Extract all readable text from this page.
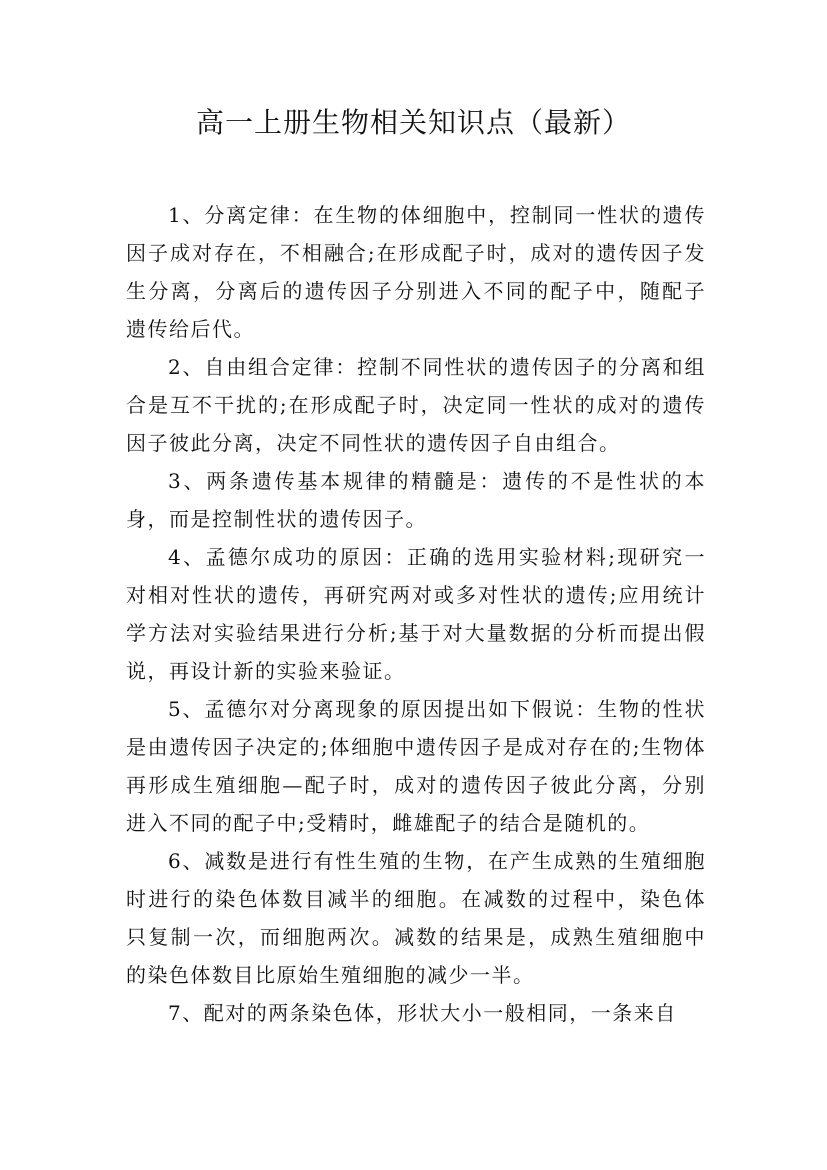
高一上册生物相关知识点（最新）

1、分离定律：在生物的体细胞中，控制同一性状的遗传因子成对存在，不相融合;在形成配子时，成对的遗传因子发生分离，分离后的遗传因子分别进入不同的配子中，随配子遗传给后代。

2、自由组合定律：控制不同性状的遗传因子的分离和组合是互不干扰的;在形成配子时，决定同一性状的成对的遗传因子彼此分离，决定不同性状的遗传因子自由组合。

3、两条遗传基本规律的精髓是：遗传的不是性状的本身，而是控制性状的遗传因子。

4、孟德尔成功的原因：正确的选用实验材料;现研究一对相对性状的遗传，再研究两对或多对性状的遗传;应用统计学方法对实验结果进行分析;基于对大量数据的分析而提出假说，再设计新的实验来验证。

5、孟德尔对分离现象的原因提出如下假说：生物的性状是由遗传因子决定的;体细胞中遗传因子是成对存在的;生物体再形成生殖细胞—配子时，成对的遗传因子彼此分离，分别进入不同的配子中;受精时，雌雄配子的结合是随机的。

6、减数是进行有性生殖的生物，在产生成熟的生殖细胞时进行的染色体数目减半的细胞。在减数的过程中，染色体只复制一次，而细胞两次。减数的结果是，成熟生殖细胞中的染色体数目比原始生殖细胞的减少一半。

7、配对的两条染色体，形状大小一般相同，一条来自
